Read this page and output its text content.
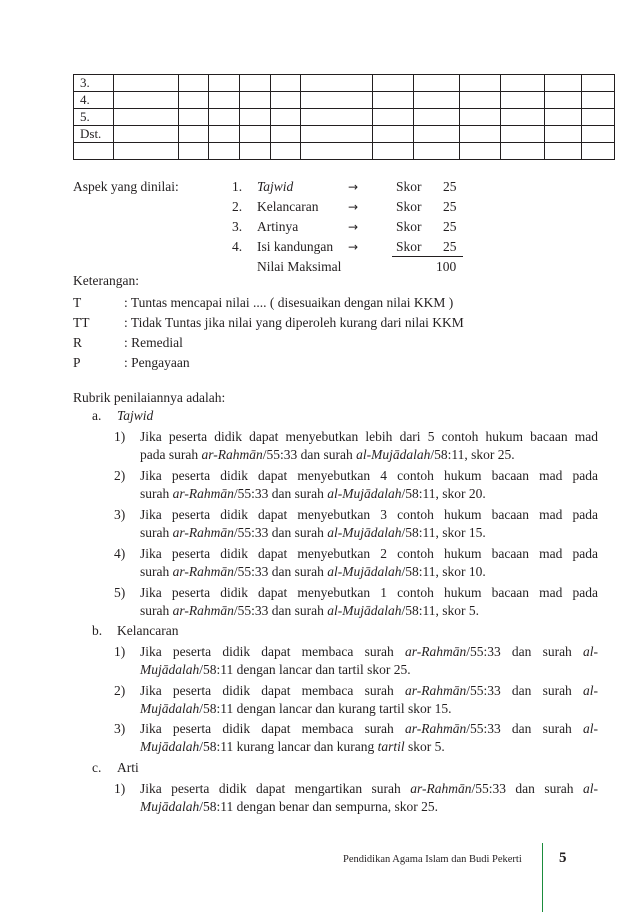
3.												
4.												
5.												
Dst.												

Aspek yang dinilai:	1. Tajwid	→	Skor 25
2. Kelancaran →	Skor 25
3. Artinya	→	Skor 25
4. Isi kandungan →	Skor 25
Nilai Maksimal	100
Keterangan:
T	: Tuntas mencapai nilai .... ( disesuaikan dengan nilai KKM )
TT	: Tidak Tuntas jika nilai yang diperoleh kurang dari nilai KKM
R	: Remedial
P	: Pengayaan
Rubrik penilaiannya adalah:
a. Tajwid
1) Jika peserta didik dapat menyebutkan lebih dari 5 contoh hukum bacaan mad
pada surah ar-Rahmān/55:33 dan surah al-Mujādalah/58:11, skor 25.
2) Jika peserta didik dapat menyebutkan 4 contoh hukum bacaan mad pada
surah ar-Rahmān/55:33 dan surah al-Mujādalah/58:11, skor 20.
3) Jika peserta didik dapat menyebutkan 3 contoh hukum bacaan mad pada
surah ar-Rahmān/55:33 dan surah al-Mujādalah/58:11, skor 15.
4) Jika peserta didik dapat menyebutkan 2 contoh hukum bacaan mad pada
surah ar-Rahmān/55:33 dan surah al-Mujādalah/58:11, skor 10.
5) Jika peserta didik dapat menyebutkan 1 contoh hukum bacaan mad pada
surah ar-Rahmān/55:33 dan surah al-Mujādalah/58:11, skor 5.
b. Kelancaran
1) Jika peserta didik dapat membaca surah ar-Rahmān/55:33 dan surah al-
Mujādalah/58:11 dengan lancar dan tartil skor 25.
2) Jika peserta didik dapat membaca surah ar-Rahmān/55:33 dan surah al-
Mujādalah/58:11 dengan lancar dan kurang tartil skor 15.
3) Jika peserta didik dapat membaca surah ar-Rahmān/55:33 dan surah al-
Mujādalah/58:11 kurang lancar dan kurang tartil skor 5.
c. Arti
1) Jika peserta didik dapat mengartikan surah ar-Rahmān/55:33 dan surah al-
Mujādalah/58:11 dengan benar dan sempurna, skor 25.
Pendidikan Agama Islam dan Budi Pekerti 5
